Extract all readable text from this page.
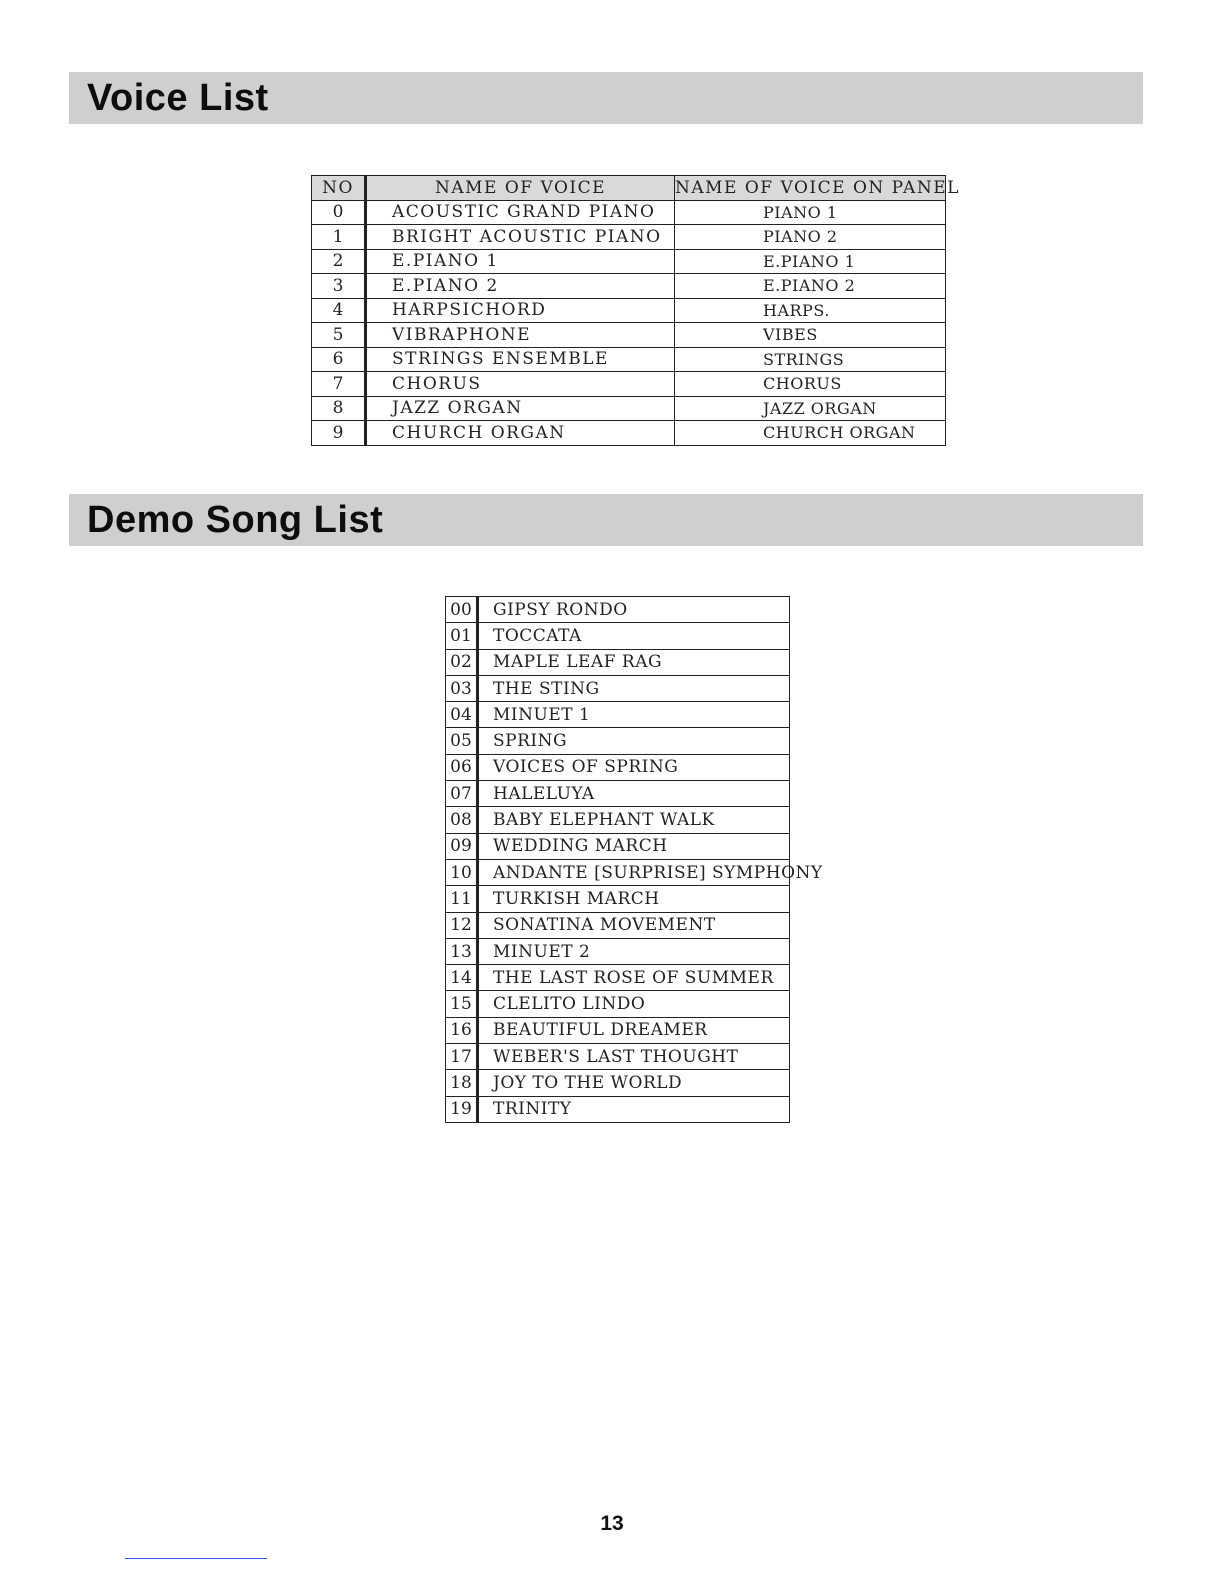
Voice List
NO	NAME OF VOICE	NAME OF VOICE ON PANEL
0	ACOUSTIC GRAND PIANO	PIANO 1
1	BRIGHT ACOUSTIC PIANO	PIANO 2
2	E.PIANO 1	E.PIANO 1
3	E.PIANO 2	E.PIANO 2
4	HARPSICHORD	HARPS.
5	VIBRAPHONE	VIBES
6	STRINGS ENSEMBLE	STRINGS
7	CHORUS	CHORUS
8	JAZZ ORGAN	JAZZ ORGAN
9	CHURCH ORGAN	CHURCH ORGAN
Demo Song List
00	GIPSY RONDO
01	TOCCATA
02	MAPLE LEAF RAG
03	THE STING
04	MINUET 1
05	SPRING
06	VOICES OF SPRING
07	HALELUYA
08	BABY ELEPHANT WALK
09	WEDDING MARCH
10	ANDANTE [SURPRISE] SYMPHONY
11	TURKISH MARCH
12	SONATINA MOVEMENT
13	MINUET 2
14	THE LAST ROSE OF SUMMER
15	CLELITO LINDO
16	BEAUTIFUL DREAMER
17	WEBER'S LAST THOUGHT
18	JOY TO THE WORLD
19	TRINITY
13
